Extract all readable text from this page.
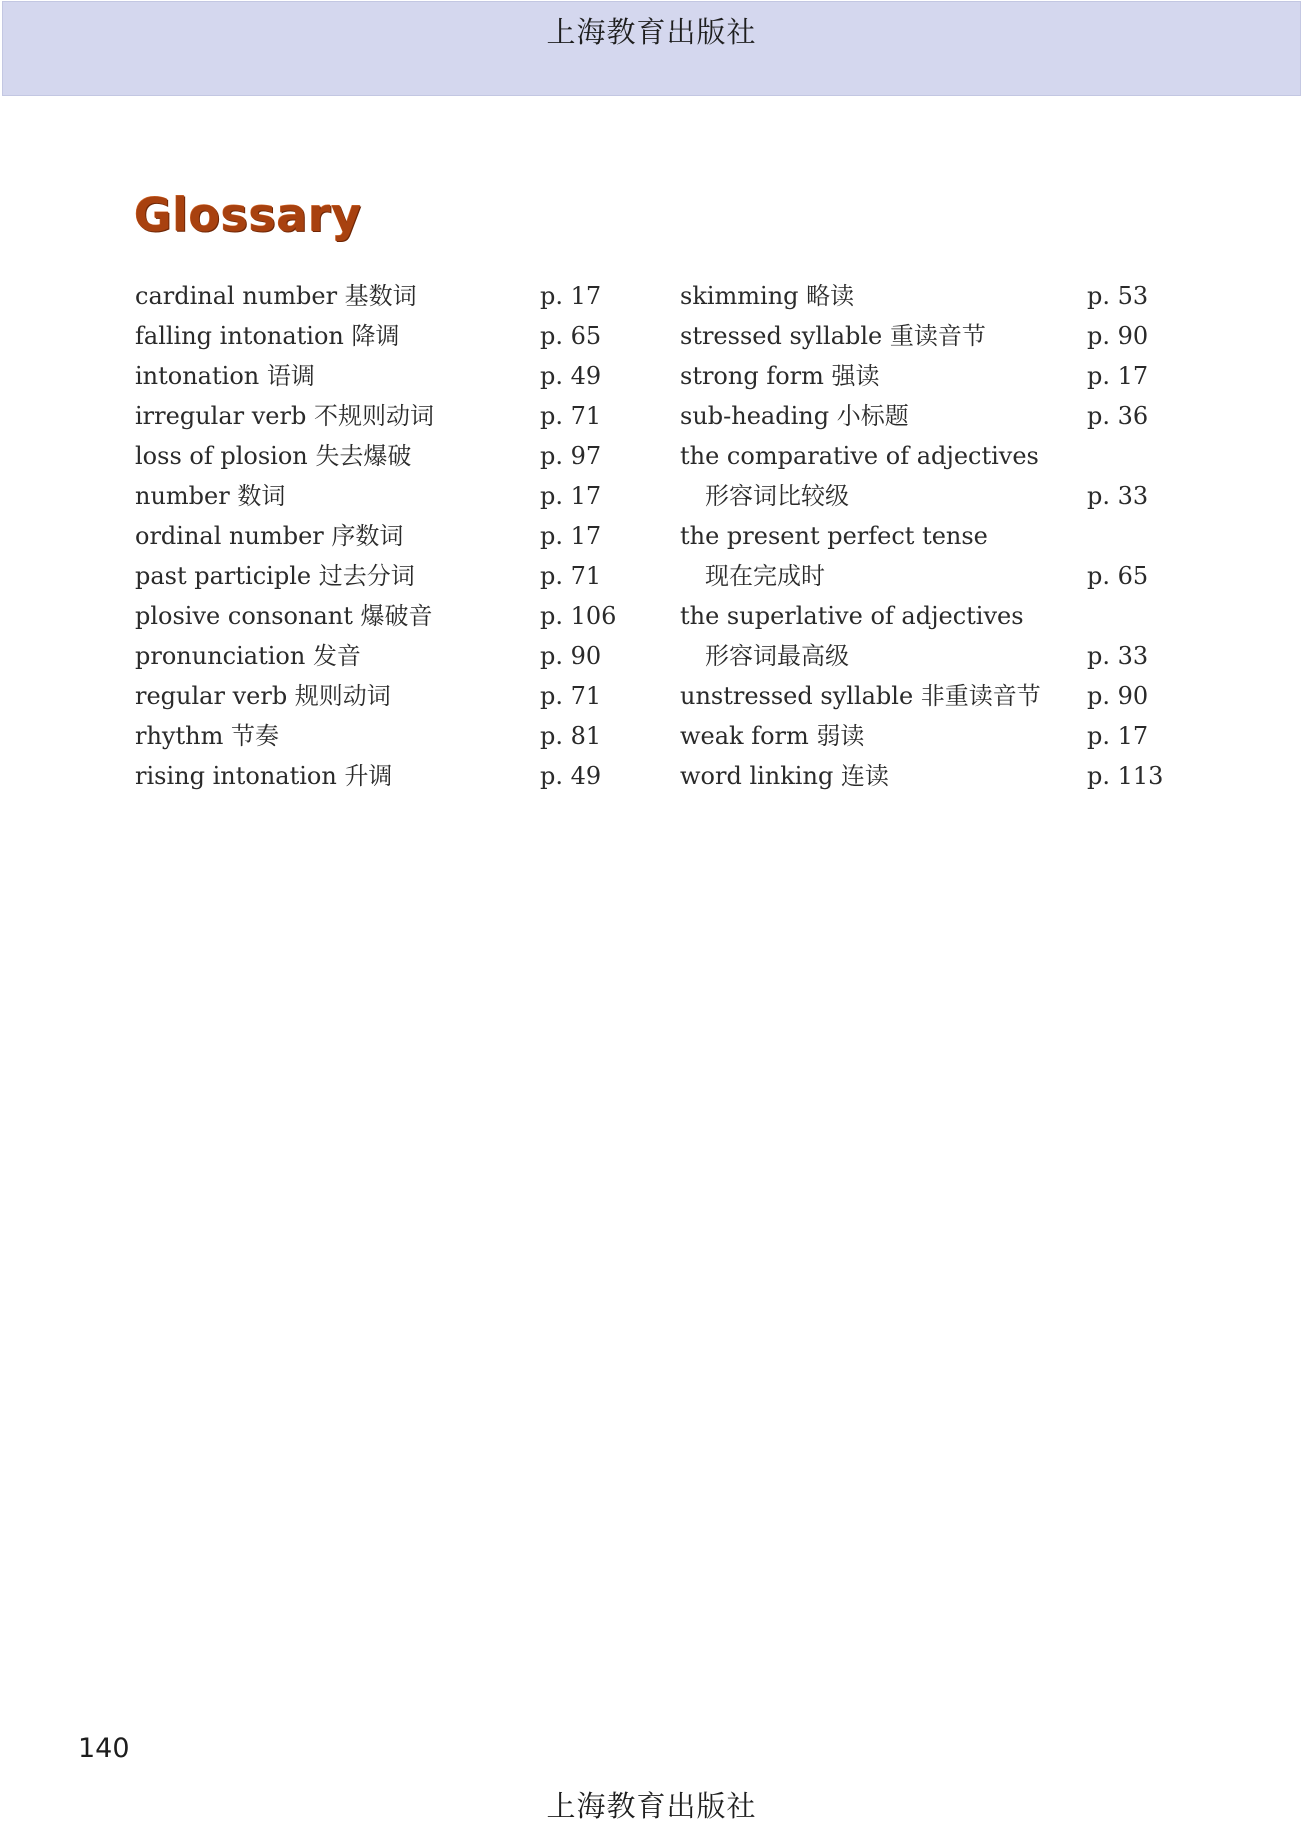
上海教育出版社
Glossary
cardinal number 基数词	p. 17
falling intonation 降调	p. 65
intonation 语调	p. 49
irregular verb 不规则动词	p. 71
loss of plosion 失去爆破	p. 97
number 数词	p. 17
ordinal number 序数词	p. 17
past participle 过去分词	p. 71
plosive consonant 爆破音	p. 106
pronunciation 发音	p. 90
regular verb 规则动词	p. 71
rhythm 节奏	p. 81
rising intonation 升调	p. 49
skimming 略读	p. 53
stressed syllable 重读音节	p. 90
strong form 强读	p. 17
sub-heading 小标题	p. 36
the comparative of adjectives
形容词比较级	p. 33
the present perfect tense
现在完成时	p. 65
the superlative of adjectives
形容词最高级	p. 33
unstressed syllable 非重读音节 p. 90
weak form 弱读	p. 17
word linking 连读	p. 113
140
上海教育出版社
